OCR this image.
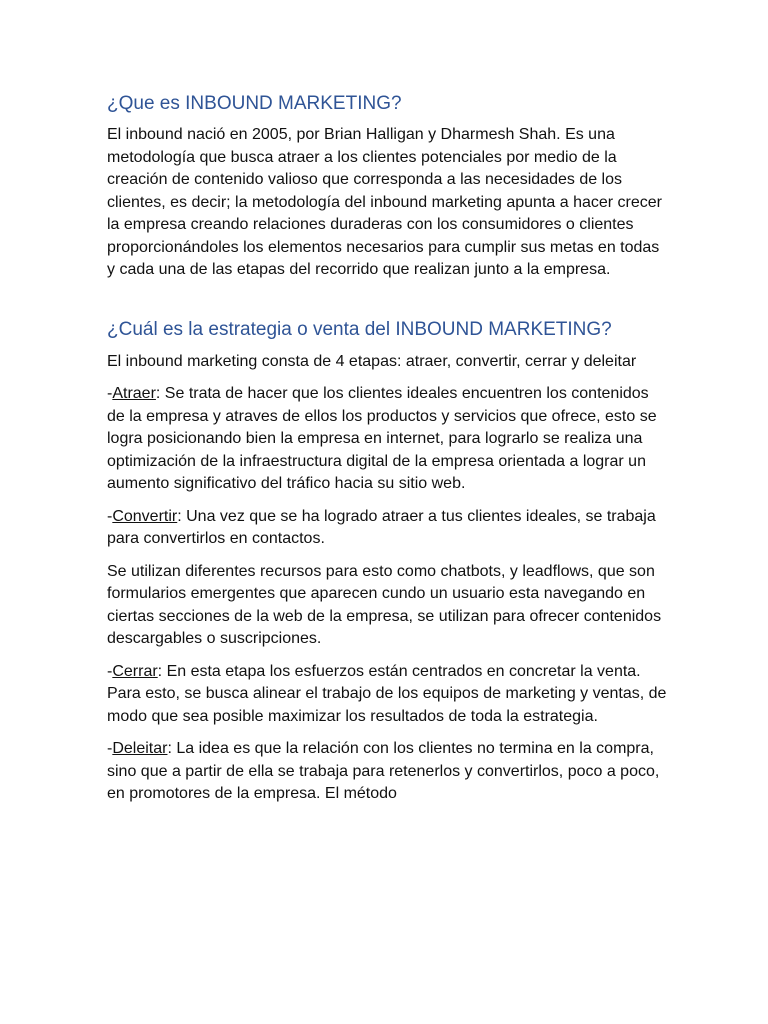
¿Que es INBOUND MARKETING?

El inbound nació en 2005, por Brian Halligan y Dharmesh Shah. Es una metodología que busca atraer a los clientes potenciales por medio de la creación de contenido valioso que corresponda a las necesidades de los clientes, es decir; la metodología del inbound marketing apunta a hacer crecer la empresa creando relaciones duraderas con los consumidores o clientes proporcionándoles los elementos necesarios para cumplir sus metas en todas y cada una de las etapas del recorrido que realizan junto a la empresa.

¿Cuál es la estrategia o venta del INBOUND MARKETING?

El inbound marketing consta de 4 etapas: atraer, convertir, cerrar y deleitar

-Atraer: Se trata de hacer que los clientes ideales encuentren los contenidos de la empresa y atraves de ellos los productos y servicios que ofrece, esto se logra posicionando bien la empresa en internet, para lograrlo se realiza una optimización de la infraestructura digital de la empresa orientada a lograr un aumento significativo del tráfico hacia su sitio web.

-Convertir: Una vez que se ha logrado atraer a tus clientes ideales, se trabaja para convertirlos en contactos.

Se utilizan diferentes recursos para esto como chatbots, y leadflows, que son formularios emergentes que aparecen cundo un usuario esta navegando en ciertas secciones de la web de la empresa, se utilizan para ofrecer contenidos descargables o suscripciones.

-Cerrar: En esta etapa los esfuerzos están centrados en concretar la venta. Para esto, se busca alinear el trabajo de los equipos de marketing y ventas, de modo que sea posible maximizar los resultados de toda la estrategia.

-Deleitar: La idea es que la relación con los clientes no termina en la compra, sino que a partir de ella se trabaja para retenerlos y convertirlos, poco a poco, en promotores de la empresa. El método
